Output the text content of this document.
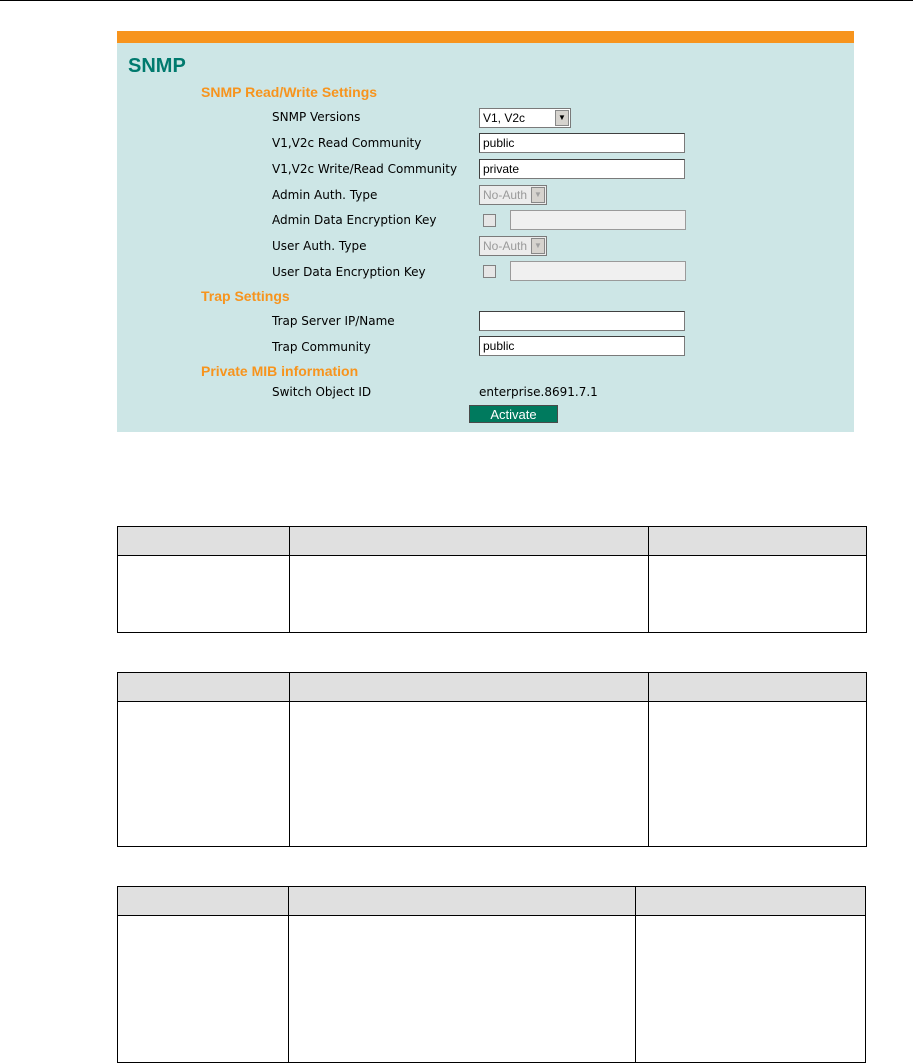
SNMP
SNMP Read/Write Settings
SNMP Versions	V1, V2c	▼
V1,V2c Read Community	public
V1,V2c Write/Read Community	private
Admin Auth. Type	No-Auth ▼
Admin Data Encryption Key
User Auth. Type	No-Auth ▼
User Data Encryption Key
Trap Settings
Trap Server IP/Name
Trap Community	public
Private MIB information
Switch Object ID	enterprise.8691.7.1
Activate
